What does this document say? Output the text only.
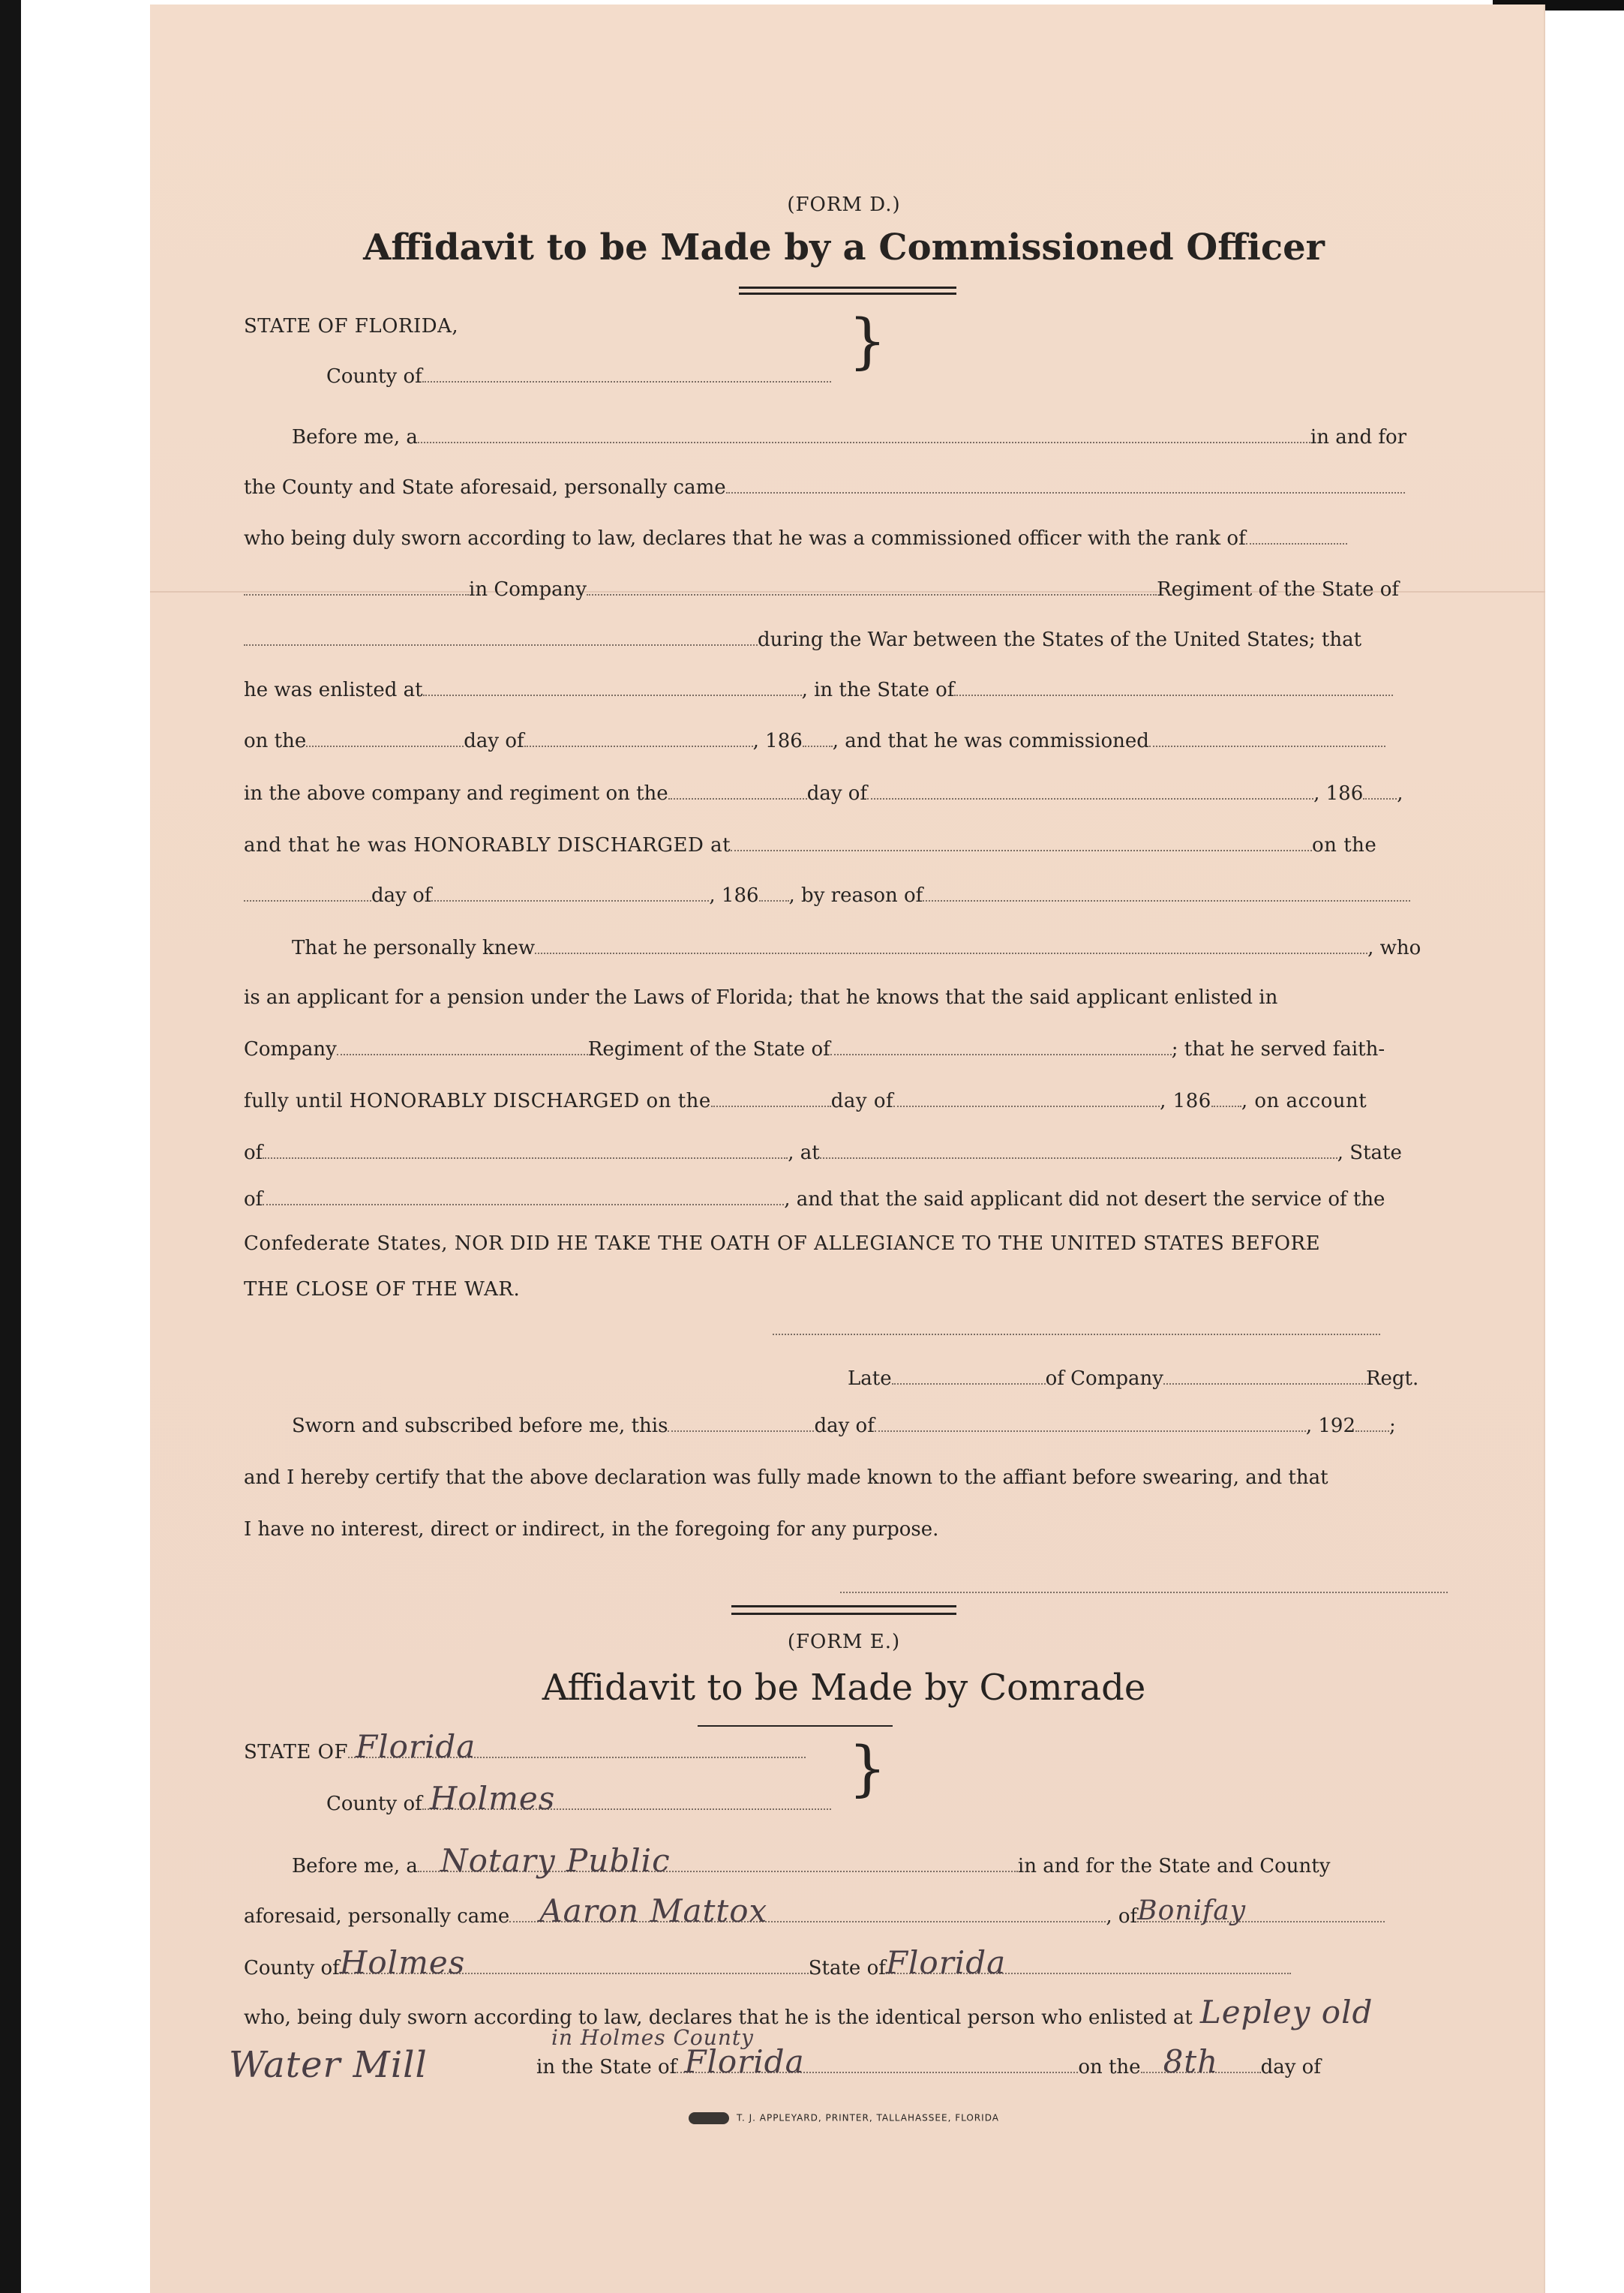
(FORM D.)
Affidavit to be Made by a Commissioned Officer
STATE OF FLORIDA,
County of
}
Before me, a	in and for
the County and State aforesaid, personally came
who being duly sworn according to law, declares that he was a commissioned officer with the rank of
in Company	Regiment of the State of
during the War between the States of the United States; that
he was enlisted at	, in the State of
on the	day of	, 186 , and that he was commissioned
in the above company and regiment on the	day of	, 186 ,
and that he was HONORABLY DISCHARGED at	on the
day of	, 186 , by reason of
That he personally knew	, who
is an applicant for a pension under the Laws of Florida; that he knows that the said applicant enlisted in
Company	Regiment of the State of	; that he served faith-
fully until HONORABLY DISCHARGED on the	day of	, 186 , on account
of	, at	, State
of	, and that the said applicant did not desert the service of the
Confederate States, NOR DID HE TAKE THE OATH OF ALLEGIANCE TO THE UNITED STATES BEFORE
THE CLOSE OF THE WAR.
Late	of Company	Regt.
Sworn and subscribed before me, this	day of	, 192 ;
and I hereby certify that the above declaration was fully made known to the affiant before swearing, and that
I have no interest, direct or indirect, in the foregoing for any purpose.
(FORM E.)
Affidavit to be Made by Comrade
STATE OF Florida
County of Holmes	}
Before me, a Notary Public	in and for the State and County
aforesaid, personally came Aaron Mattox	, of Bonifay
County of Holmes	State of Florida
who, being duly sworn according to law, declares that he is the identical person who enlisted at Lepley old
Water Mill
in Holmes County
in the State of Florida	on the 8th day of
T. J. APPLEYARD, PRINTER, TALLAHASSEE, FLORIDA
